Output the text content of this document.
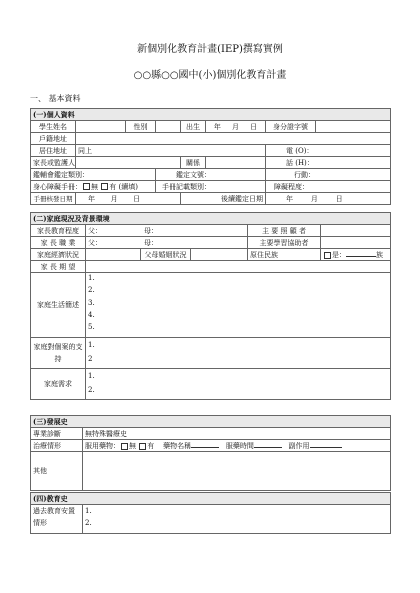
新個別化教育計畫(IEP)撰寫實例
○○縣○○國中(小)個別化教育計畫
一、 基本資料
(一)個人資料							
學生姓名		性別		出生	年 月 日	身分證字號	
戶籍地址							
居住地址	同上					電 (O)：	
家長或監護人				關係		話 (H)：	
鑑輔會鑑定類別：			鑑定文號：			行動：	
身心障礙手冊： 無 有 (續填)			手冊記載類別：			障礙程度：	
手冊核發日期	年 月 日			後續鑑定日期		年 月 日	
(二)家庭現況及背景環境					
家長教育程度	父： 母：			主 要 照 顧 者	
家 長 職 業	父： 母：			主要學習協助者	
家庭經濟狀況		父母婚姻狀況		原住民族	是： 族
家 長 期 望					
家庭生活簡述	1.
2.
3.
4.
5.				

家庭對個案的支持	1.
2				

家庭需求	1.
2.				
(三)發展史	
專業診斷	無特殊醫療史
治療情形	服用藥物： 無 有 藥物名稱 服藥時間 副作用
其他	
(四)教育史
過去教育安置情形	
1.
2.
